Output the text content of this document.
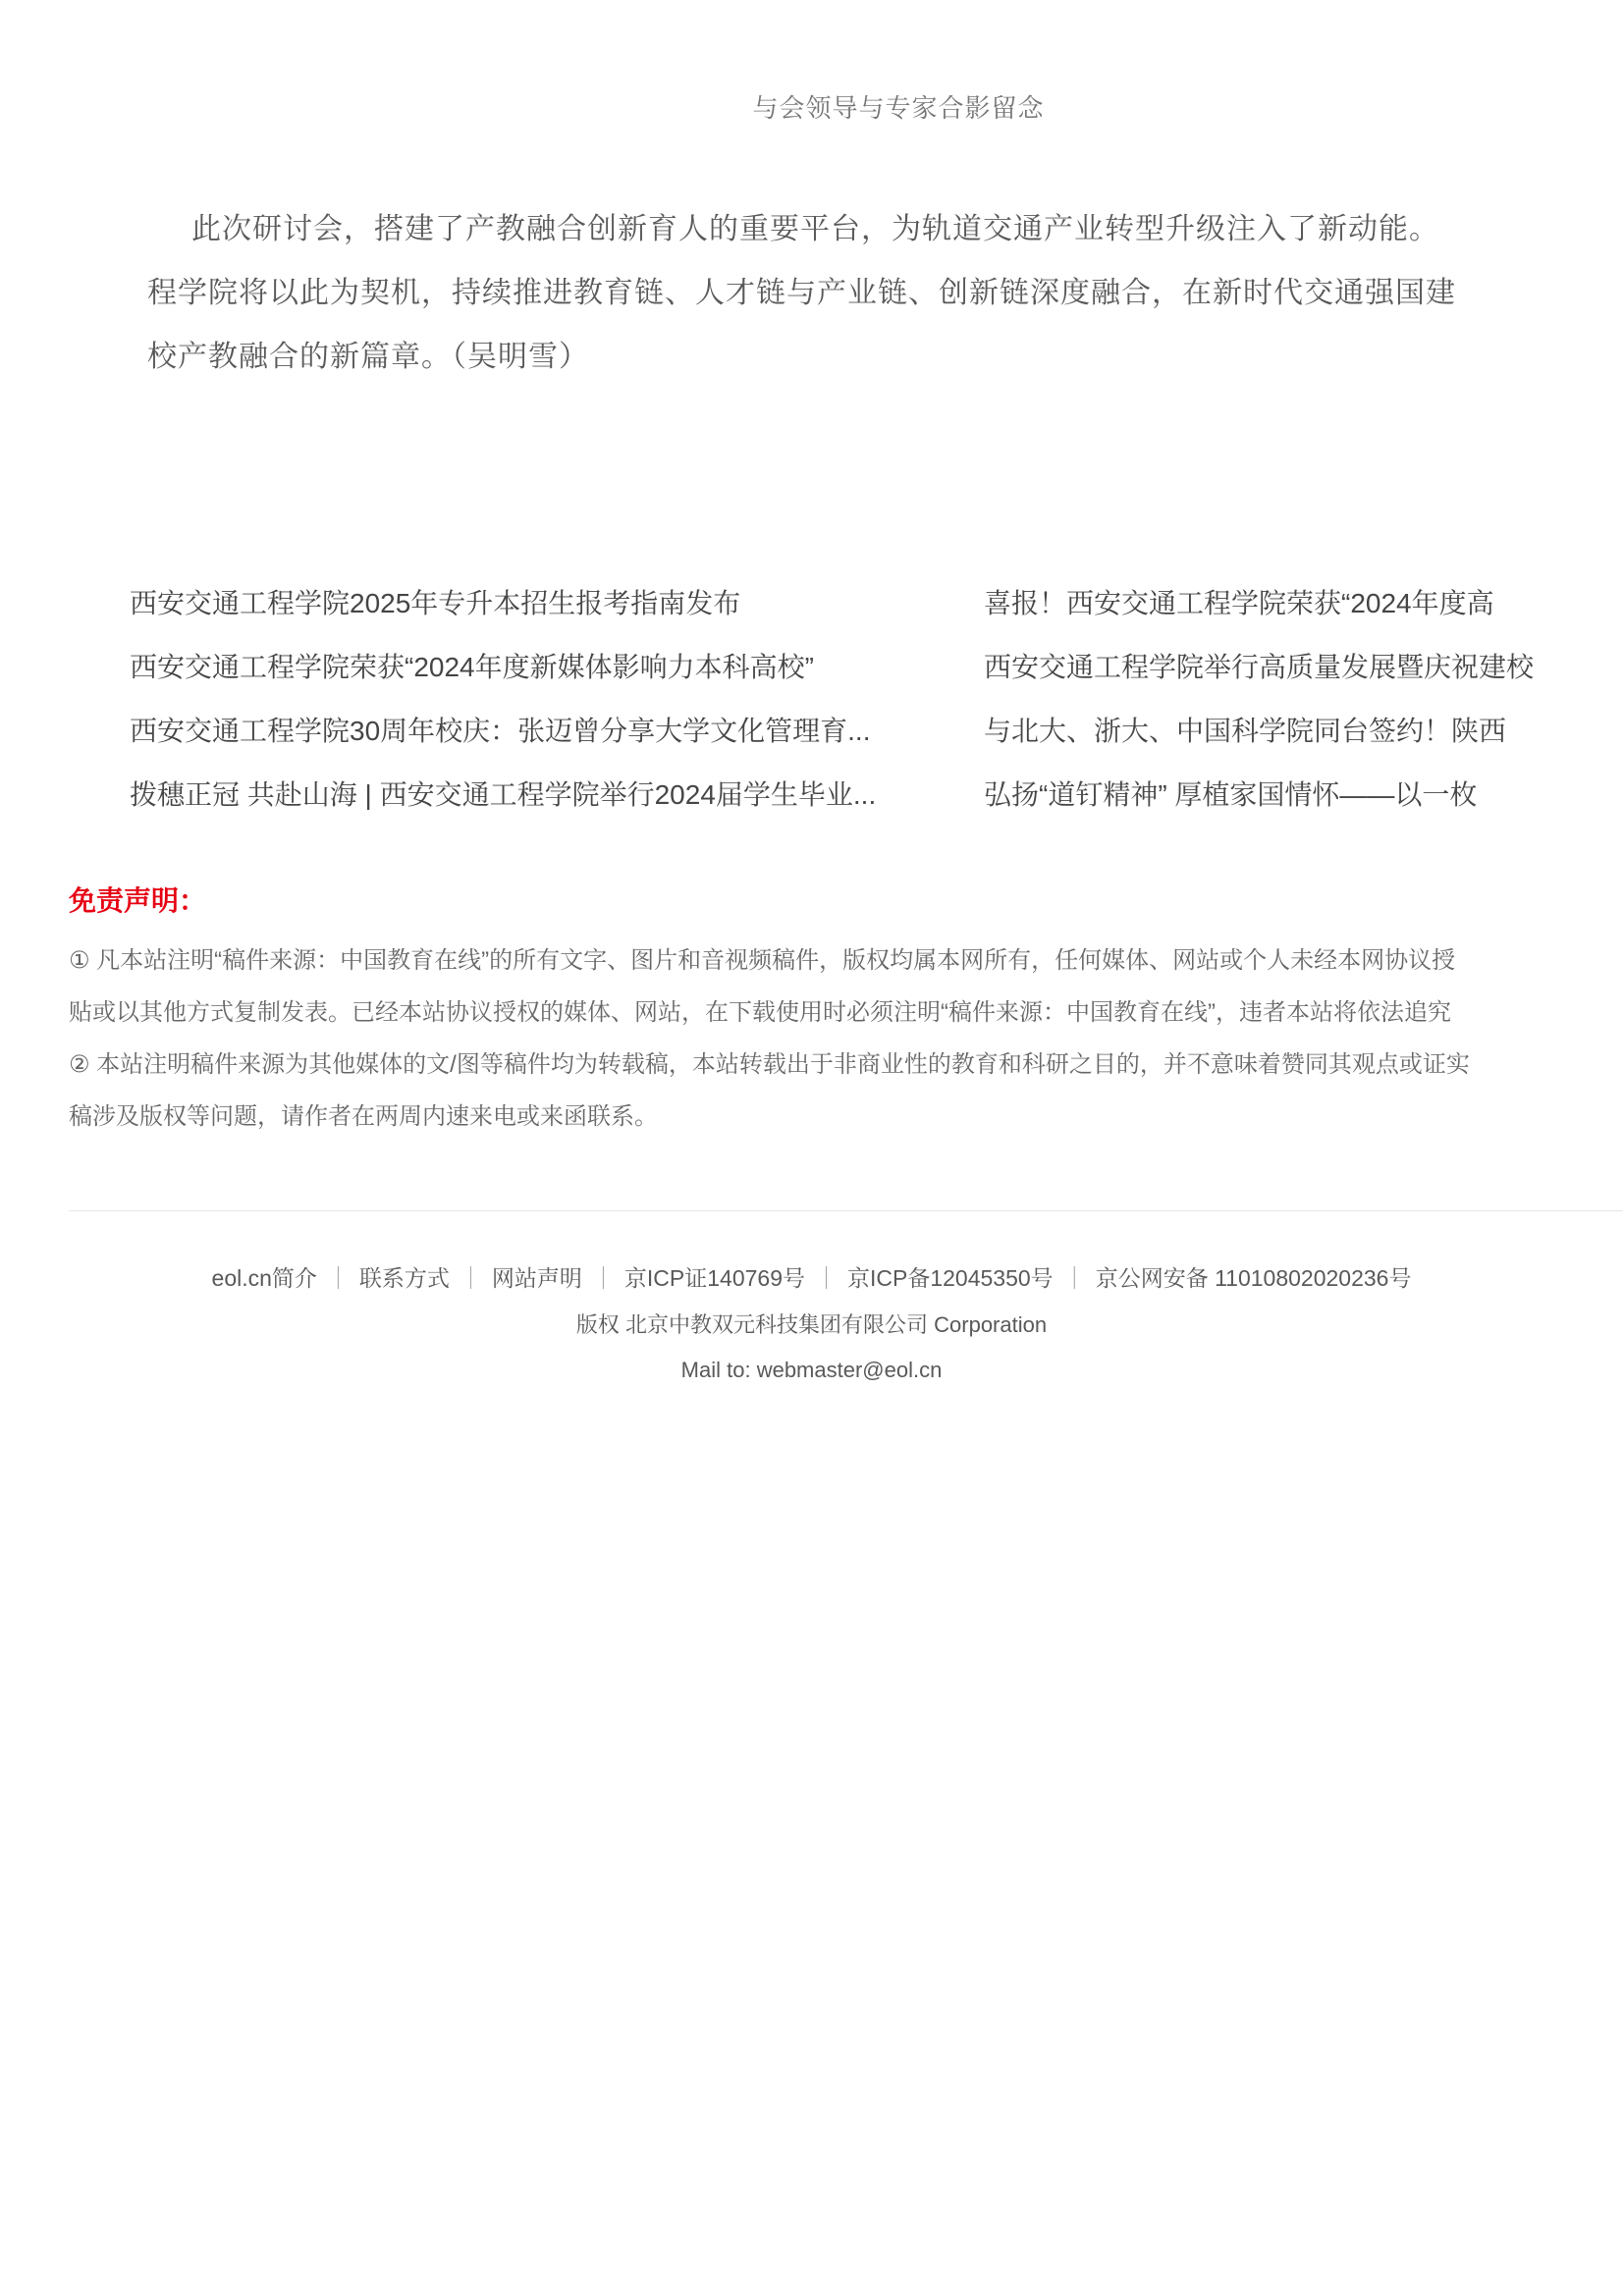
与会领导与专家合影留念
此次研讨会，搭建了产教融合创新育人的重要平台，为轨道交通产业转型升级注入了新动能。
程学院将以此为契机，持续推进教育链、人才链与产业链、创新链深度融合，在新时代交通强国建
校产教融合的新篇章。（吴明雪）
西安交通工程学院2025年专升本招生报考指南发布
西安交通工程学院荣获“2024年度新媒体影响力本科高校”
西安交通工程学院30周年校庆：张迈曾分享大学文化管理育...
拨穗正冠 共赴山海 | 西安交通工程学院举行2024届学生毕业...
喜报！西安交通工程学院荣获“2024年度高
西安交通工程学院举行高质量发展暨庆祝建校
与北大、浙大、中国科学院同台签约！陕西
弘扬“道钉精神” 厚植家国情怀——以一枚
免责声明：
① 凡本站注明“稿件来源：中国教育在线”的所有文字、图片和音视频稿件，版权均属本网所有，任何媒体、网站或个人未经本网协议授
贴或以其他方式复制发表。已经本站协议授权的媒体、网站，在下载使用时必须注明“稿件来源：中国教育在线”，违者本站将依法追究
② 本站注明稿件来源为其他媒体的文/图等稿件均为转载稿，本站转载出于非商业性的教育和科研之目的，并不意味着赞同其观点或证实
稿涉及版权等问题，请作者在两周内速来电或来函联系。
eol.cn简介 ｜ 联系方式 ｜ 网站声明 ｜ 京ICP证140769号 ｜ 京ICP备12045350号 ｜ 京公网安备 11010802020236号
版权 北京中教双元科技集团有限公司 Corporation
Mail to: webmaster@eol.cn
